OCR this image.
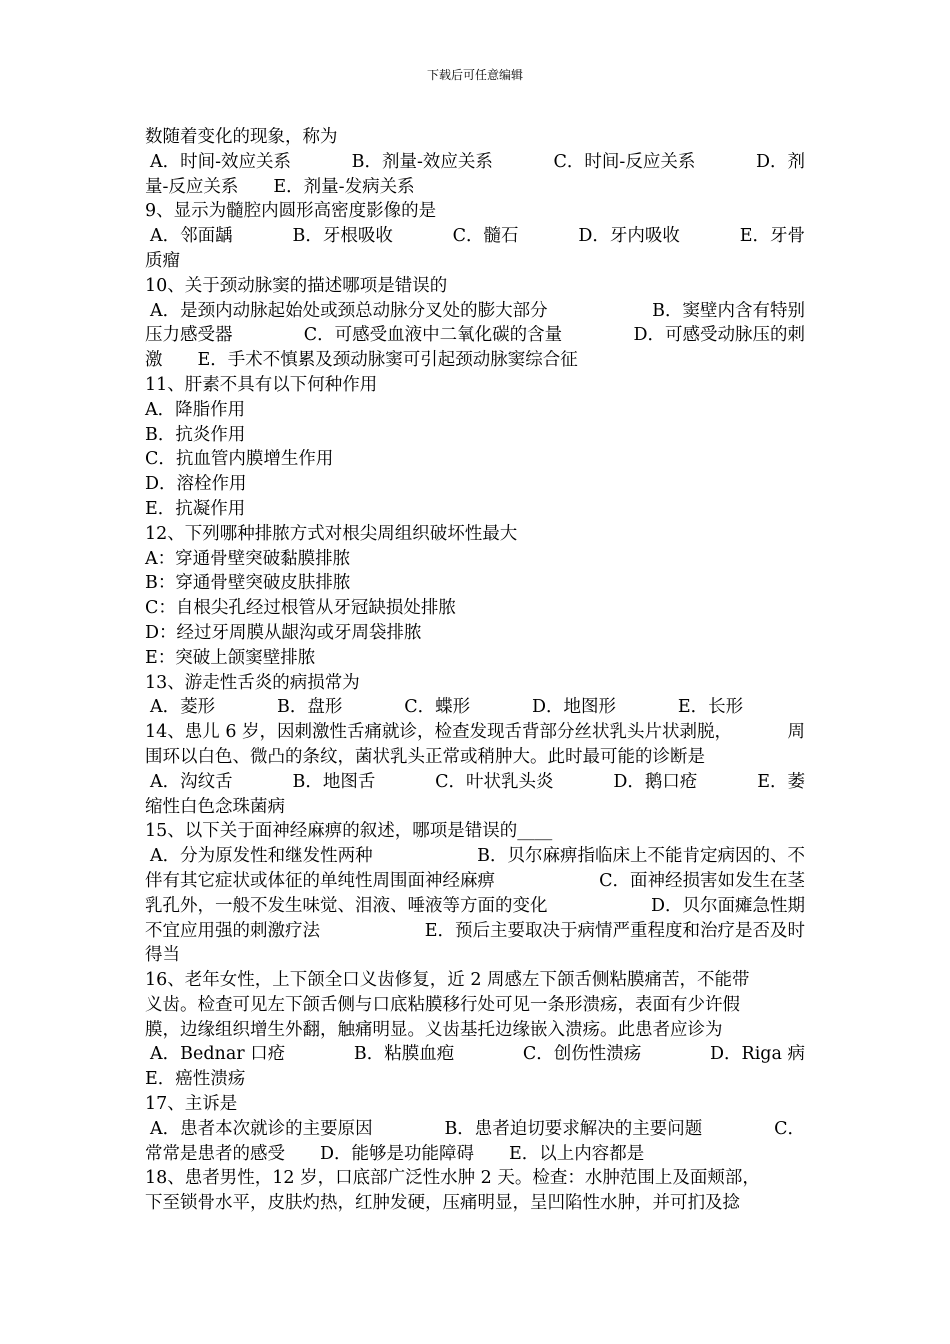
下载后可任意编辑
数随着变化的现象，称为
A．时间-效应关系	B．剂量-效应关系	C．时间-反应关系	D．剂
量-反应关系　　E．剂量-发病关系
9、显示为髓腔内圆形高密度影像的是
A．邻面龋	B．牙根吸收	C．髓石	D．牙内吸收	E．牙骨
质瘤
10、关于颈动脉窦的描述哪项是错误的
A．是颈内动脉起始处或颈总动脉分叉处的膨大部分	B．窦壁内含有特别
压力感受器	C．可感受血液中二氧化碳的含量	D．可感受动脉压的刺
激　　E．手术不慎累及颈动脉窦可引起颈动脉窦综合征
11、肝素不具有以下何种作用
A．降脂作用
B．抗炎作用
C．抗血管内膜增生作用
D．溶栓作用
E．抗凝作用
12、下列哪种排脓方式对根尖周组织破坏性最大
A：穿通骨壁突破黏膜排脓
B：穿通骨壁突破皮肤排脓
C：自根尖孔经过根管从牙冠缺损处排脓
D：经过牙周膜从龈沟或牙周袋排脓
E：突破上颌窦壁排脓
13、游走性舌炎的病损常为
A．菱形	B．盘形	C．蝶形	D．地图形	E．长形
14、患儿 6 岁，因刺激性舌痛就诊，检查发现舌背部分丝状乳头片状剥脱，	周
围环以白色、微凸的条纹，菌状乳头正常或稍肿大。此时最可能的诊断是
A．沟纹舌	B．地图舌	C．叶状乳头炎	D．鹅口疮	E．萎
缩性白色念珠菌病
15、以下关于面神经麻痹的叙述，哪项是错误的____
A．分为原发性和继发性两种	B．贝尔麻痹指临床上不能肯定病因的、不
伴有其它症状或体征的单纯性周围面神经麻痹	C．面神经损害如发生在茎
乳孔外，一般不发生味觉、泪液、唾液等方面的变化	D．贝尔面瘫急性期
不宜应用强的刺激疗法	E．预后主要取决于病情严重程度和治疗是否及时
得当
16、老年女性，上下颌全口义齿修复，近 2 周感左下颌舌侧粘膜痛苦，不能带
义齿。检查可见左下颌舌侧与口底粘膜移行处可见一条形溃疡，表面有少许假
膜，边缘组织增生外翻，触痛明显。义齿基托边缘嵌入溃疡。此患者应诊为
A．Bednar 口疮	B．粘膜血疱	C．创伤性溃疡	D．Riga 病
E．癌性溃疡
17、主诉是
A．患者本次就诊的主要原因	B．患者迫切要求解决的主要问题	C．
常常是患者的感受　　D．能够是功能障碍　　E．以上内容都是
18、患者男性，12 岁，口底部广泛性水肿 2 天。检查：水肿范围上及面颊部，
下至锁骨水平，皮肤灼热，红肿发硬，压痛明显，呈凹陷性水肿，并可扪及捻
